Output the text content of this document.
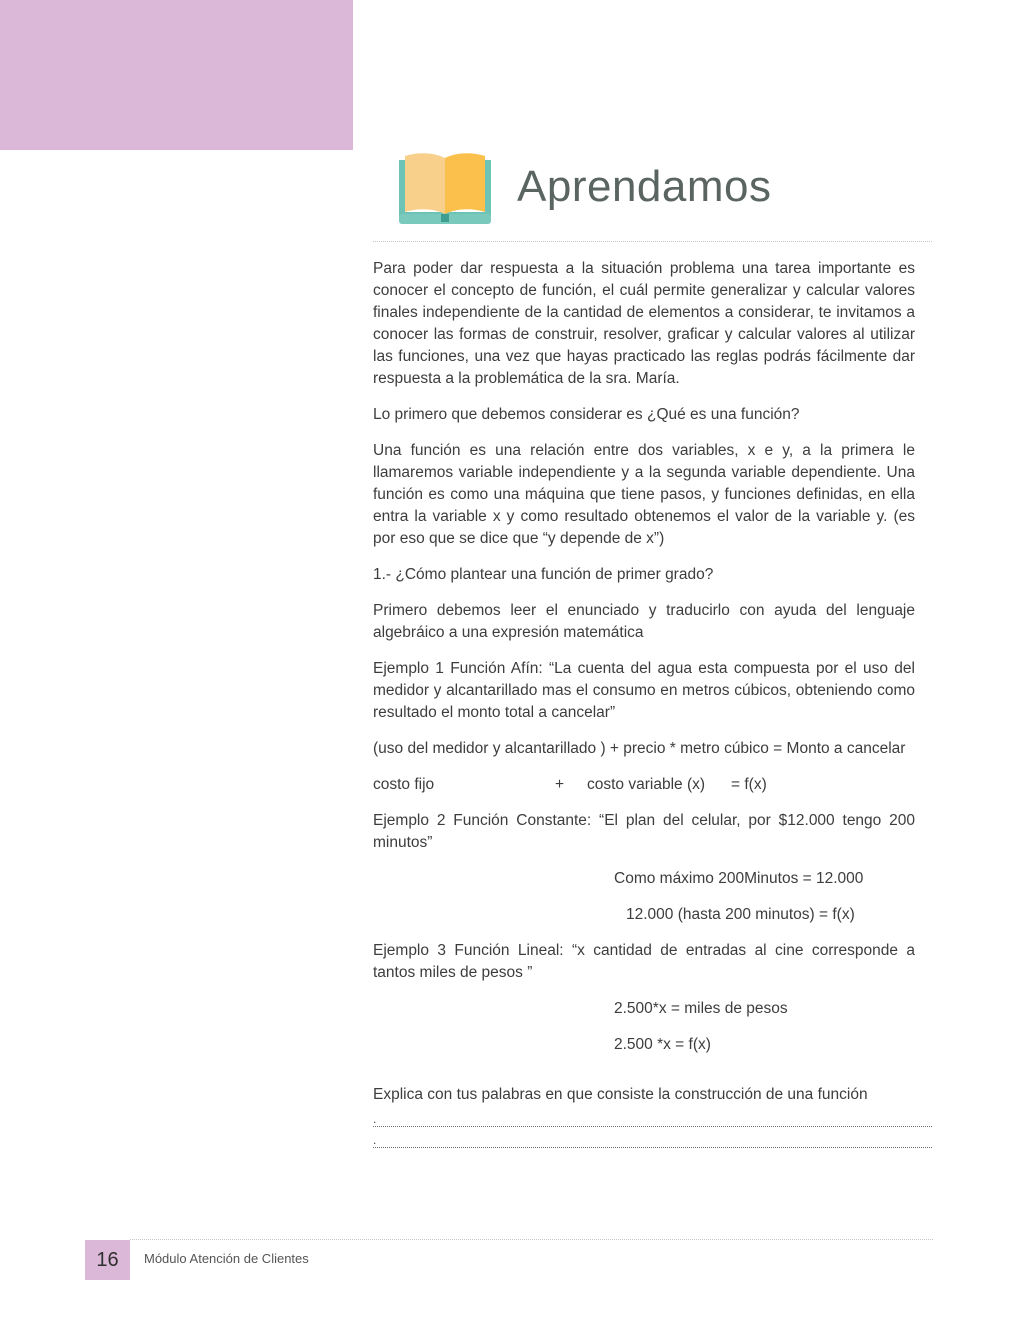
Aprendamos

Para poder dar respuesta a la situación problema una tarea importante es conocer el concepto de función, el cuál permite generalizar y calcular valores finales independiente de la cantidad de elementos a considerar, te invitamos a conocer las formas de construir, resolver, graficar y calcular valores al utilizar las funciones, una vez que hayas practicado las reglas podrás fácilmente dar respuesta a la problemática de la sra. María.

Lo primero que debemos considerar es ¿Qué es una función?

Una función es una relación entre dos variables, x e y, a la primera le llamaremos variable independiente y a la segunda variable dependiente. Una función es como una máquina que tiene pasos, y funciones definidas, en ella entra la variable x y como resultado obtenemos el valor de la variable y. (es por eso que se dice que “y depende de x”)

1.- ¿Cómo plantear una función de primer grado?

Primero debemos leer el enunciado y traducirlo con ayuda del lenguaje algebráico a una expresión matemática

Ejemplo 1 Función Afín: “La cuenta del agua esta compuesta por el uso del medidor y alcantarillado mas el consumo en metros cúbicos, obteniendo como resultado el monto total a cancelar”

(uso del medidor y alcantarillado ) + precio * metro cúbico = Monto a cancelar

costo fijo	+	costo variable (x)	= f(x)

Ejemplo 2 Función Constante: “El plan del celular, por $12.000 tengo 200 minutos”

Como máximo 200Minutos = 12.000

12.000 (hasta 200 minutos) = f(x)

Ejemplo 3 Función Lineal: “x cantidad de entradas al cine corresponde a tantos miles de pesos ”

2.500*x = miles de pesos

2.500 *x = f(x)

Explica con tus palabras en que consiste la construcción de una función

.
.
16	Módulo Atención de Clientes
